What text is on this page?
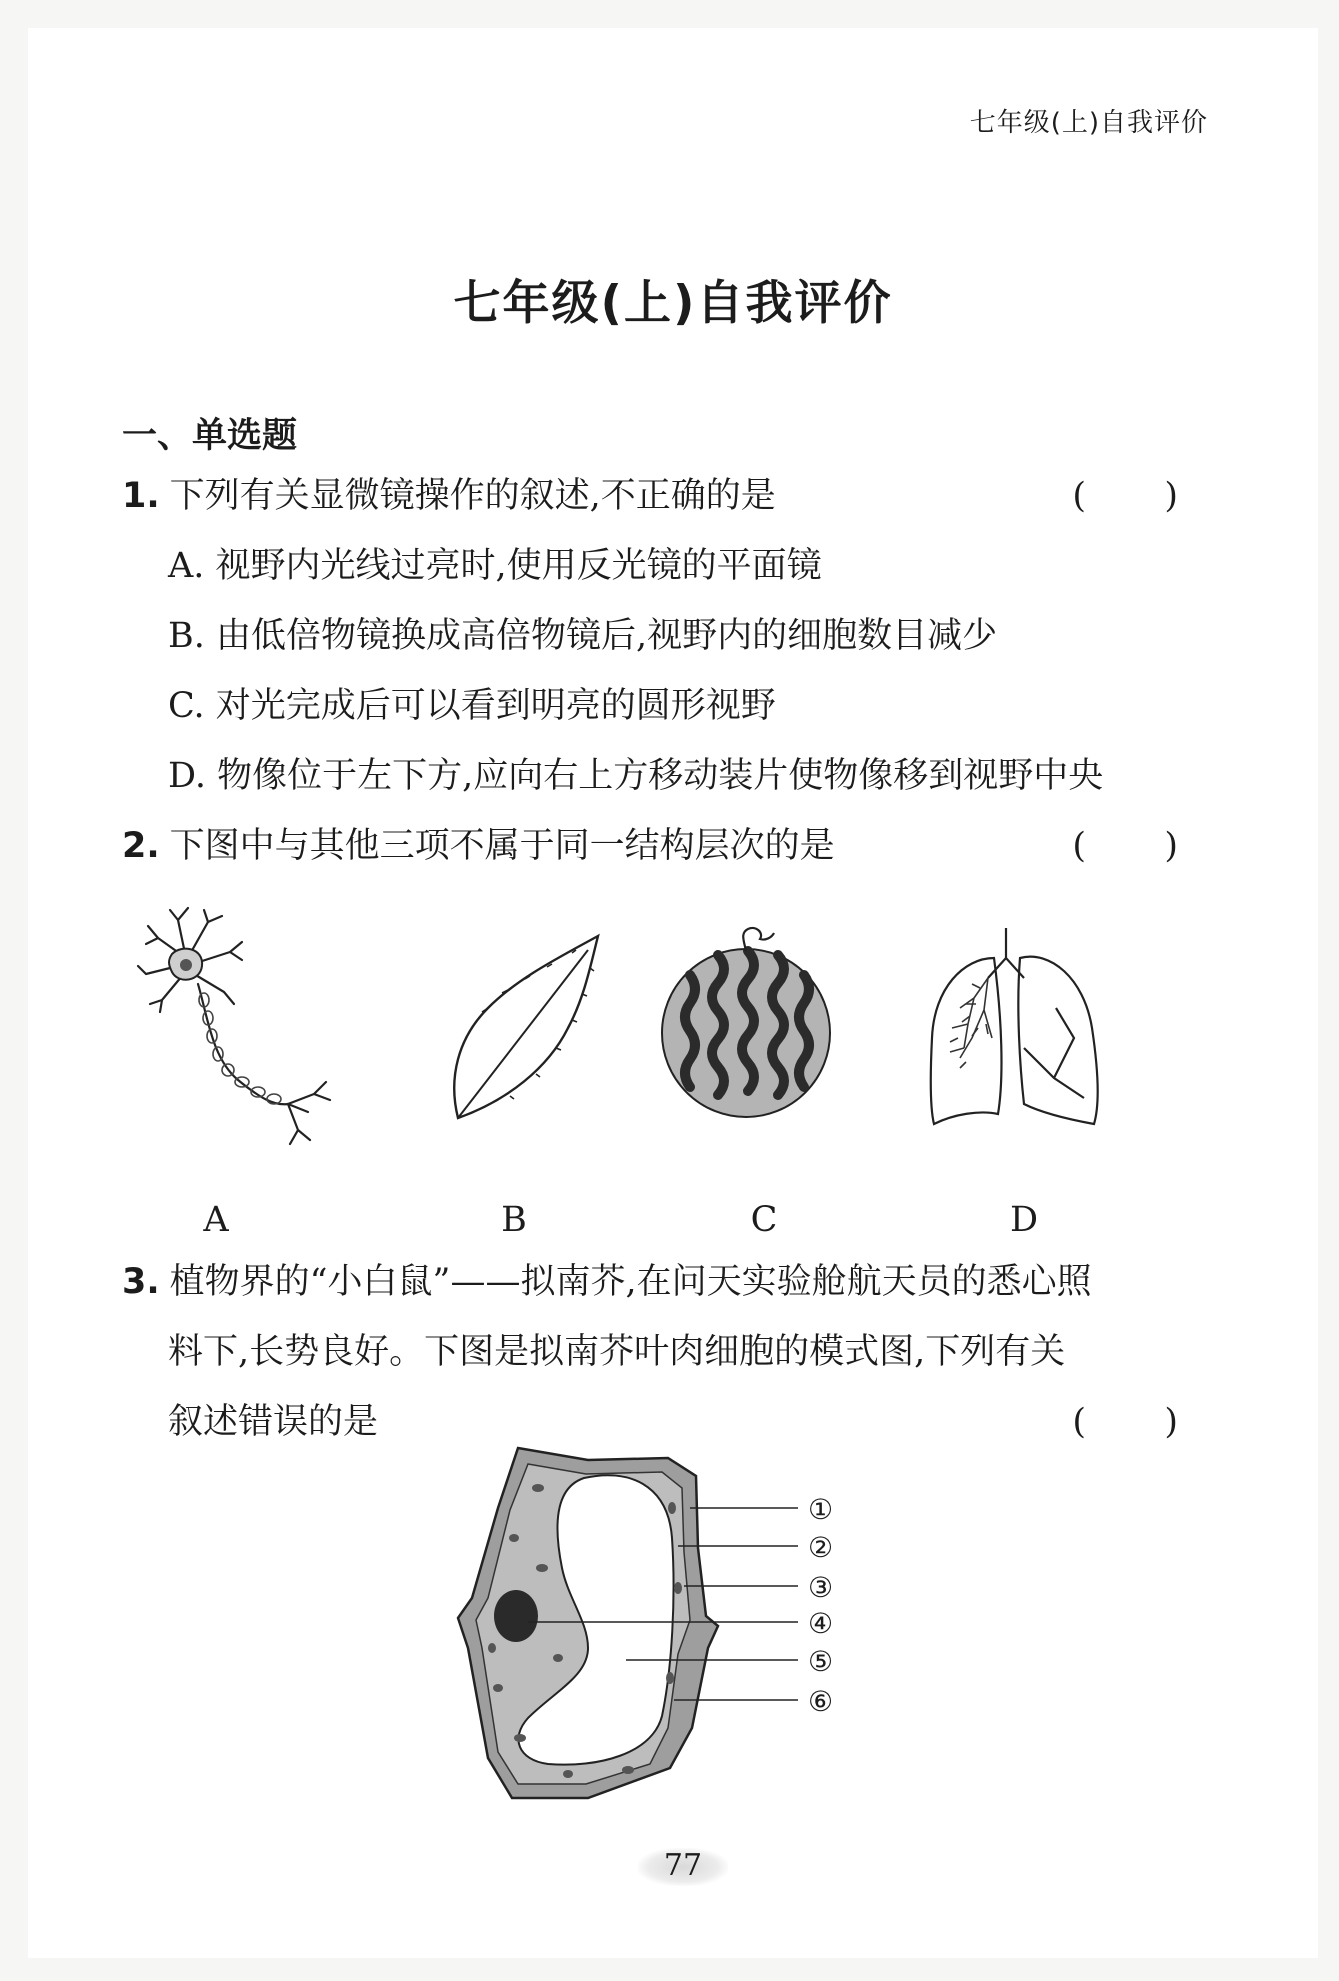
七年级(上)自我评价
七年级(上)自我评价
一、单选题
1. 下列有关显微镜操作的叙述,不正确的是	( )
A. 视野内光线过亮时,使用反光镜的平面镜
B. 由低倍物镜换成高倍物镜后,视野内的细胞数目减少
C. 对光完成后可以看到明亮的圆形视野
D. 物像位于左下方,应向右上方移动装片使物像移到视野中央
2. 下图中与其他三项不属于同一结构层次的是	( )
A	B	C	D
3. 植物界的“小白鼠”——拟南芥,在问天实验舱航天员的悉心照
料下,长势良好。下图是拟南芥叶肉细胞的模式图,下列有关
叙述错误的是	( )
①
②
③
④
⑤
⑥
77
